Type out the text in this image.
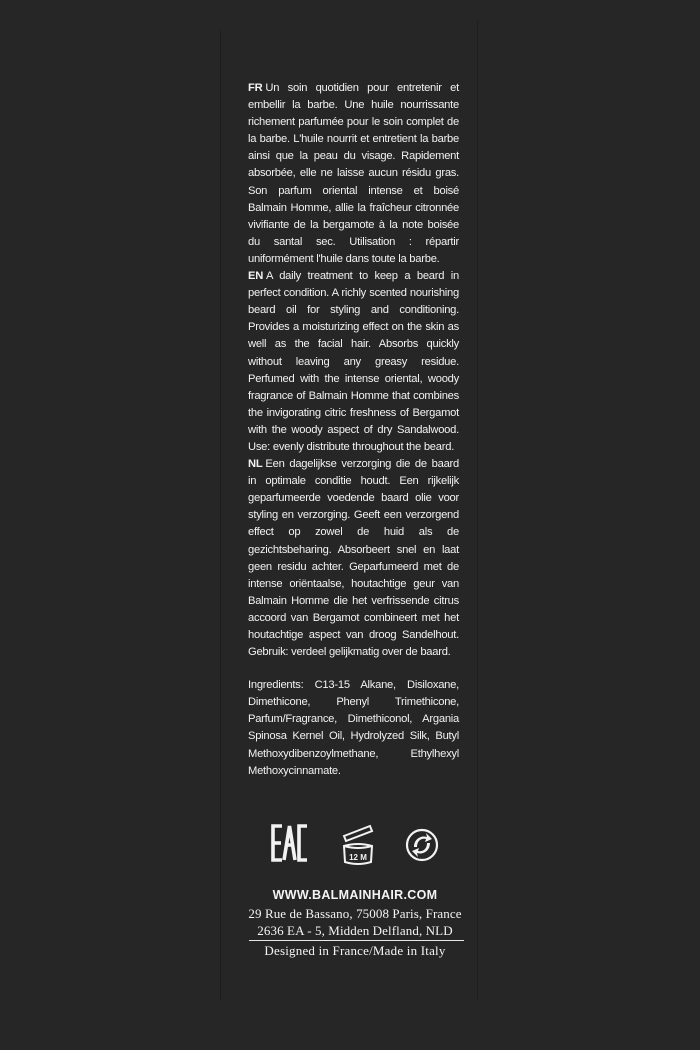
FR Un soin quotidien pour entretenir et embellir la barbe. Une huile nourrissante richement parfumée pour le soin complet de la barbe. L'huile nourrit et entretient la barbe ainsi que la peau du visage. Rapidement absorbée, elle ne laisse aucun résidu gras. Son parfum oriental intense et boisé Balmain Homme, allie la fraîcheur citronnée vivifiante de la bergamote à la note boisée du santal sec. Utilisation : répartir uniformément l'huile dans toute la barbe.

EN A daily treatment to keep a beard in perfect condition. A richly scented nourishing beard oil for styling and conditioning. Provides a moisturizing effect on the skin as well as the facial hair. Absorbs quickly without leaving any greasy residue. Perfumed with the intense oriental, woody fragrance of Balmain Homme that combines the invigorating citric freshness of Bergamot with the woody aspect of dry Sandalwood. Use: evenly distribute throughout the beard.

NL Een dagelijkse verzorging die de baard in optimale conditie houdt. Een rijkelijk geparfumeerde voedende baard olie voor styling en verzorging. Geeft een verzorgend effect op zowel de huid als de gezichtsbeharing. Absorbeert snel en laat geen residu achter. Geparfumeerd met de intense oriëntaalse, houtachtige geur van Balmain Homme die het verfrissende citrus accoord van Bergamot combineert met het houtachtige aspect van droog Sandelhout. Gebruik: verdeel gelijkmatig over de baard.

Ingredients: C13-15 Alkane, Disiloxane, Dimethicone, Phenyl Trimethicone, Parfum/Fragrance, Dimethiconol, Argania Spinosa Kernel Oil, Hydrolyzed Silk, Butyl Methoxydibenzoylmethane, Ethylhexyl Methoxycinnamate.

12 M
WWW.BALMAINHAIR.COM
29 Rue de Bassano, 75008 Paris, France
2636 EA - 5, Midden Delfland, NLD
Designed in France/Made in Italy
